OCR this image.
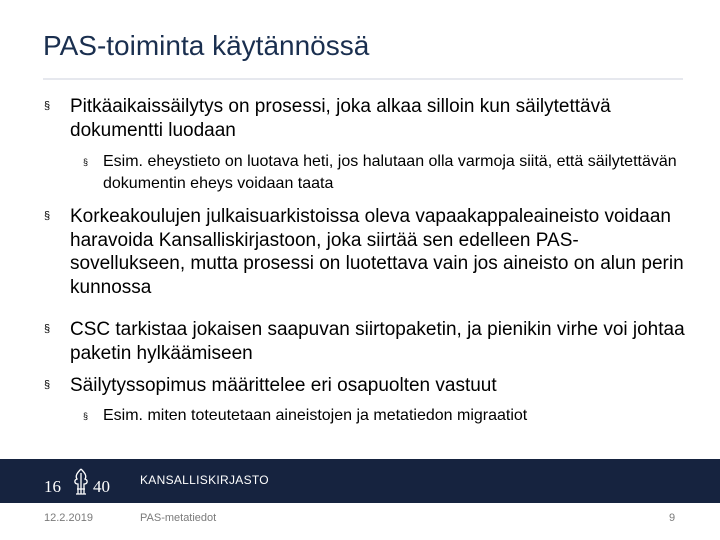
PAS-toiminta käytännössä
§ Pitkäaikaissäilytys on prosessi, joka alkaa silloin kun säilytettävä dokumentti luodaan
§ Esim. eheystieto on luotava heti, jos halutaan olla varmoja siitä, että säilytettävän dokumentin eheys voidaan taata
§ Korkeakoulujen julkaisuarkistoissa oleva vapaakappaleaineisto voidaan haravoida Kansalliskirjastoon, joka siirtää sen edelleen PAS-sovellukseen, mutta prosessi on luotettava vain jos aineisto on alun perin kunnossa
§ CSC tarkistaa jokaisen saapuvan siirtopaketin, ja pienikin virhe voi johtaa paketin hylkäämiseen
§ Säilytyssopimus määrittelee eri osapuolten vastuut
§ Esim. miten toteutetaan aineistojen ja metatiedon migraatiot
16 40	KANSALLISKIRJASTO
12.2.2019	PAS-metatiedot	9
